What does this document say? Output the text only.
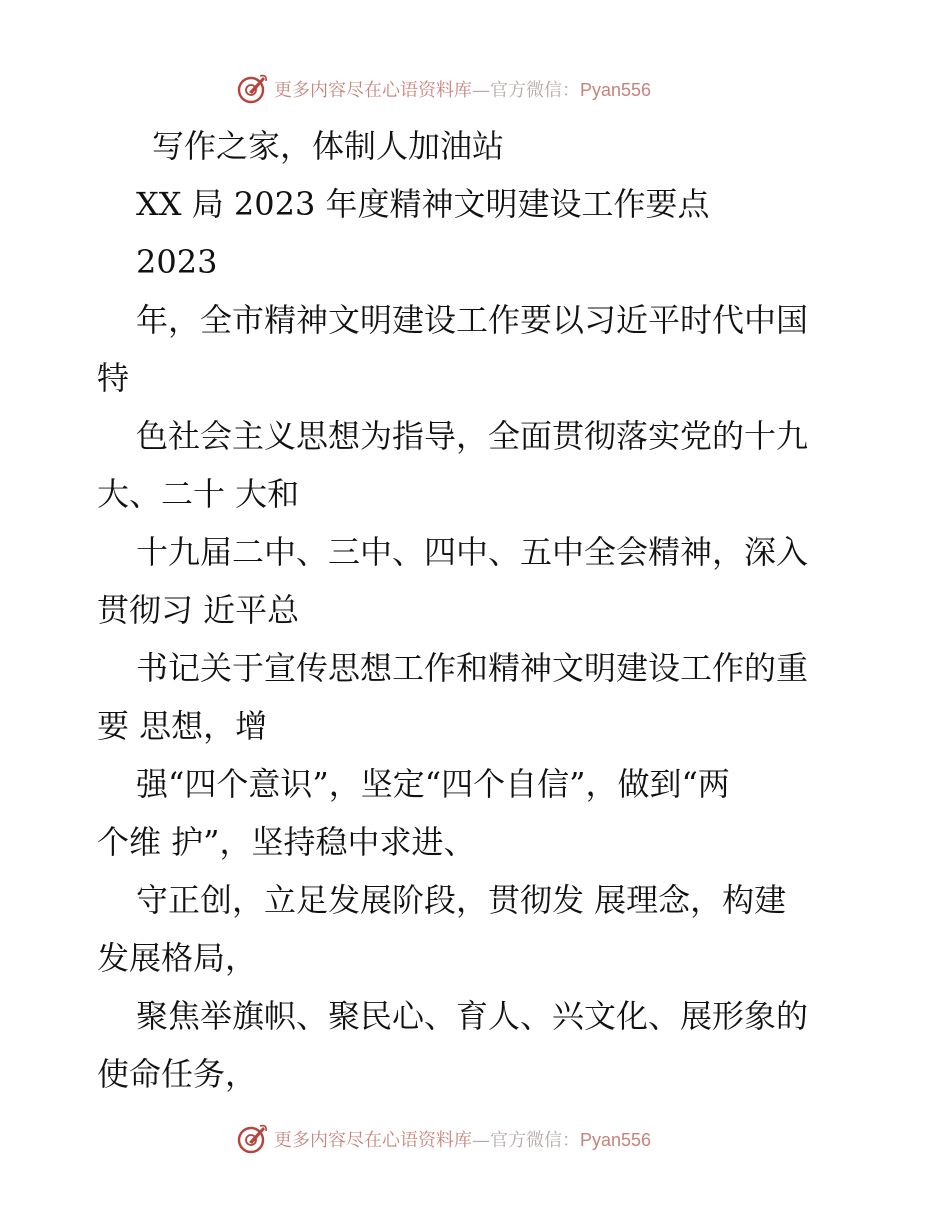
更多内容尽在心语资料库—官方微信：Pyan556
写作之家，体制人加油站
XX 局 2023 年度精神文明建设工作要点
2023
年，全市精神文明建设工作要以习近平时代中国
特
色社会主义思想为指导，全面贯彻落实党的十九
大、二十 大和
十九届二中、三中、四中、五中全会精神，深入
贯彻习 近平总
书记关于宣传思想工作和精神文明建设工作的重
要 思想，增
强“四个意识”，坚定“四个自信”，做到“两
个维 护”，坚持稳中求进、
守正创，立足发展阶段，贯彻发 展理念，构建
发展格局，
聚焦举旗帜、聚民心、育人、兴文化、展形象的
使命任务，
更多内容尽在心语资料库—官方微信：Pyan556
